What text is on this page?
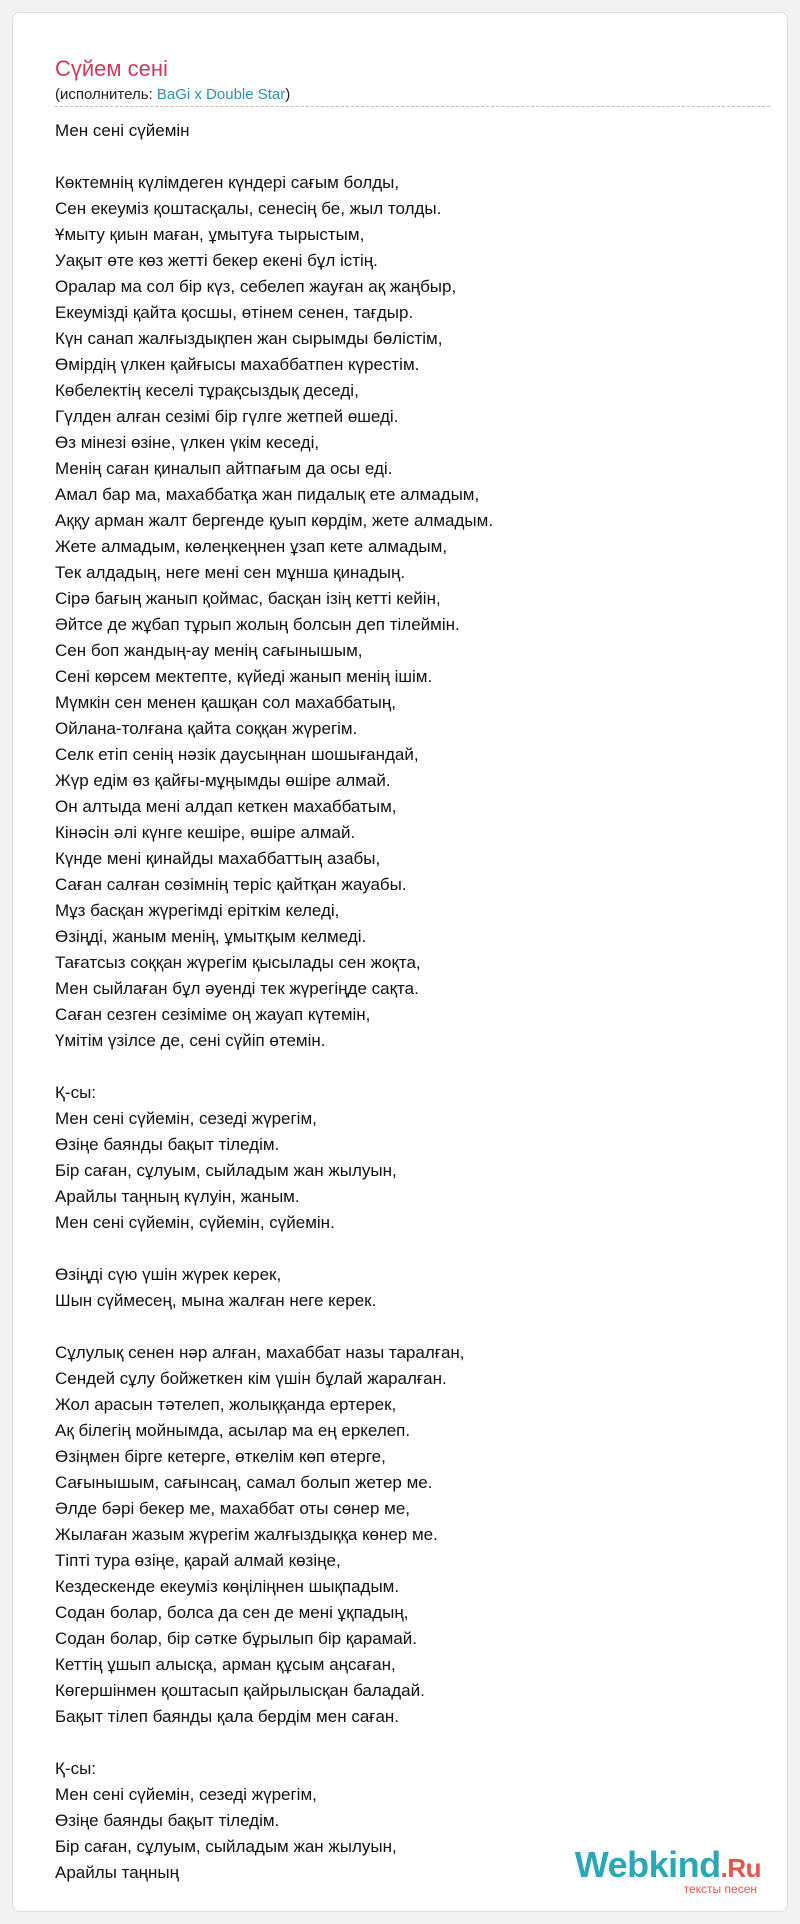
Сүйем сені
(исполнитель: BaGi x Double Star)
Мен сені сүйемін
Көктемнің күлімдеген күндері сағым болды,
Сен екеуміз қоштасқалы, сенесің бе, жыл толды.
Ұмыту қиын маған, ұмытуға тырыстым,
Уақыт өте көз жетті бекер екені бұл істің.
Оралар ма сол бір күз, себелеп жауған ақ жаңбыр,
Екеумізді қайта қосшы, өтінем сенен, тағдыр.
Күн санап жалғыздықпен жан сырымды бөлістім,
Өмірдің үлкен қайғысы махаббатпен күрестім.
Көбелектің кеселі тұрақсыздық деседі,
Гүлден алған сезімі бір гүлге жетпей өшеді.
Өз мінезі өзіне, үлкен үкім кеседі,
Менің саған қиналып айтпағым да осы еді.
Амал бар ма, махаббатқа жан пидалық ете алмадым,
Аққу арман жалт бергенде қуып көрдім, жете алмадым.
Жете алмадым, көлеңкеңнен ұзап кете алмадым,
Тек алдадың, неге мені сен мұнша қинадың.
Сірә бағың жанып қоймас, басқан ізің кетті кейін,
Әйтсе де жұбап тұрып жолың болсын деп тілеймін.
Сен боп жандың-ау менің сағынышым,
Сені көрсем мектепте, күйеді жанып менің ішім.
Мүмкін сен менен қашқан сол махаббатың,
Ойлана-толғана қайта соққан жүрегім.
Селк етіп сенің нәзік даусыңнан шошығандай,
Жүр едім өз қайғы-мұңымды өшіре алмай.
Он алтыда мені алдап кеткен махаббатым,
Кінәсін әлі күнге кешіре, өшіре алмай.
Күнде мені қинайды махаббаттың азабы,
Саған салған сөзімнің теріс қайтқан жауабы.
Мұз басқан жүрегімді еріткім келеді,
Өзіңді, жаным менің, ұмытқым келмеді.
Тағатсыз соққан жүрегім қысылады сен жоқта,
Мен сыйлаған бұл әуенді тек жүрегіңде сақта.
Саған сезген сезіміме оң жауап күтемін,
Үмітім үзілсе де, сені сүйіп өтемін.
Қ-сы:
Мен сені сүйемін, сезеді жүрегім,
Өзіңе баянды бақыт тіледім.
Бір саған, сұлуым, сыйладым жан жылуын,
Арайлы таңның күлуін, жаным.
Мен сені сүйемін, сүйемін, сүйемін.
Өзіңді сүю үшін жүрек керек,
Шын сүймесең, мына жалған неге керек.
Сұлулық сенен нәр алған, махаббат назы таралған,
Сендей сұлу бойжеткен кім үшін бұлай жаралған.
Жол арасын тәтелеп, жолыққанда ертерек,
Ақ білегің мойнымда, асылар ма ең еркелеп.
Өзіңмен бірге кетерге, өткелім көп өтерге,
Сағынышым, сағынсаң, самал болып жетер ме.
Әлде бәрі бекер ме, махаббат оты сөнер ме,
Жылаған жазым жүрегім жалғыздыққа көнер ме.
Тіпті тура өзіңе, қарай алмай көзіңе,
Кездескенде екеуміз көңіліңнен шықпадым.
Содан болар, болса да сен де мені ұқпадың,
Содан болар, бір сәтке бұрылып бір қарамай.
Кеттің ұшып алысқа, арман құсым аңсаған,
Көгершінмен қоштасып қайрылысқан баладай.
Бақыт тілеп баянды қала бердім мен саған.
Қ-сы:
Мен сені сүйемін, сезеді жүрегім,
Өзіңе баянды бақыт тіледім.
Бір саған, сұлуым, сыйладым жан жылуын,
Арайлы таңның	Webkind.Ru
тексты песен
